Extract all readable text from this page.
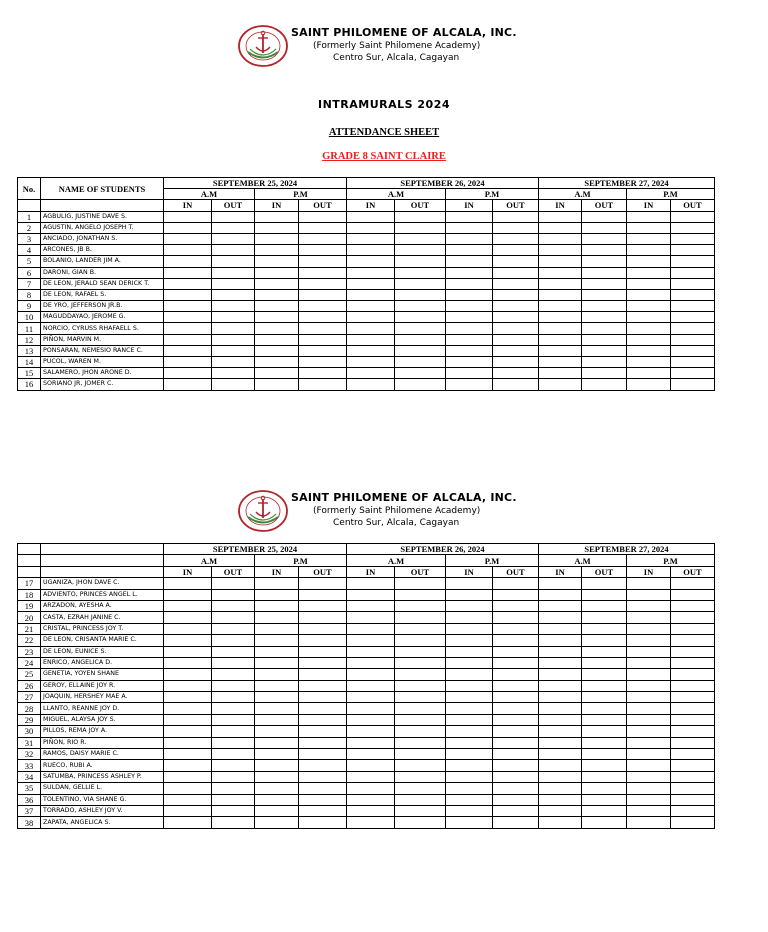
SAINT PHILOMENE OF ALCALA, INC.
(Formerly Saint Philomene Academy)
Centro Sur, Alcala, Cagayan
INTRAMURALS 2024
ATTENDANCE SHEET
GRADE 8 SAINT CLAIRE
No.	NAME OF STUDENTS	SEPTEMBER 25, 2024				SEPTEMBER 26, 2024				SEPTEMBER 27, 2024			
		A.M		P.M		A.M		P.M		A.M		P.M	
		IN	OUT	IN	OUT	IN	OUT	IN	OUT	IN	OUT	IN	OUT
1	AGBULIG, JUSTINE DAVE S.												
2	AGUSTIN, ANGELO JOSEPH T.												
3	ANCIADO, JONATHAN S.												
4	ARCONES, JB B.												
5	BOLANIO, LANDER JIM A.												
6	DARONI, GIAN B.												
7	DE LEON, JERALD SEAN DERICK T.												
8	DE LEON, RAFAEL S.												
9	DE YRO, JEFFERSON JR.B.												
10	MAGUDDAYAO, JEROME G.												
11	NORCIO, CYRUSS RHAFAELL S.												
12	PIÑON, MARVIN M.												
13	PONSARAN, NEMESIO RANCE C.												
14	PUCOL, WAREN M.												
15	SALAMERO, JHON ARONE D.												
16	SORIANO JR, JOMER C.												
SAINT PHILOMENE OF ALCALA, INC.
(Formerly Saint Philomene Academy)
Centro Sur, Alcala, Cagayan
		SEPTEMBER 25, 2024				SEPTEMBER 26, 2024				SEPTEMBER 27, 2024			
		A.M		P.M		A.M		P.M		A.M		P.M	
		IN	OUT	IN	OUT	IN	OUT	IN	OUT	IN	OUT	IN	OUT
17	UGANIZA, JHON DAVE C.												
18	ADVIENTO, PRINCES ANGEL L.												
19	ARZADON, AYESHA A.												
20	CASTA, EZRAH JANINE C.												
21	CRISTAL, PRINCESS JOY T.												
22	DE LEON, CRISANTA MARIE C.												
23	DE LEON, EUNICE S.												
24	ENRICO, ANGELICA D.												
25	GENETIA, YOYEN SHANE												
26	GEROY, ELLAINE JOY R.												
27	JOAQUIN, HERSHEY MAE A.												
28	LLANTO, REANNE JOY D.												
29	MIGUEL, ALAYSA JOY S.												
30	PILLOS, REMA JOY A.												
31	PIÑON, RIO R.												
32	RAMOS, DAISY MARIE C.												
33	RUECO, RUBI A.												
34	SATUMBA, PRINCESS ASHLEY P.												
35	SULDAN, GELLIE L.												
36	TOLENTINO, VIA SHANE G.												
37	TORRADO, ASHLEY JOY V.												
38	ZAPATA, ANGELICA S.												
